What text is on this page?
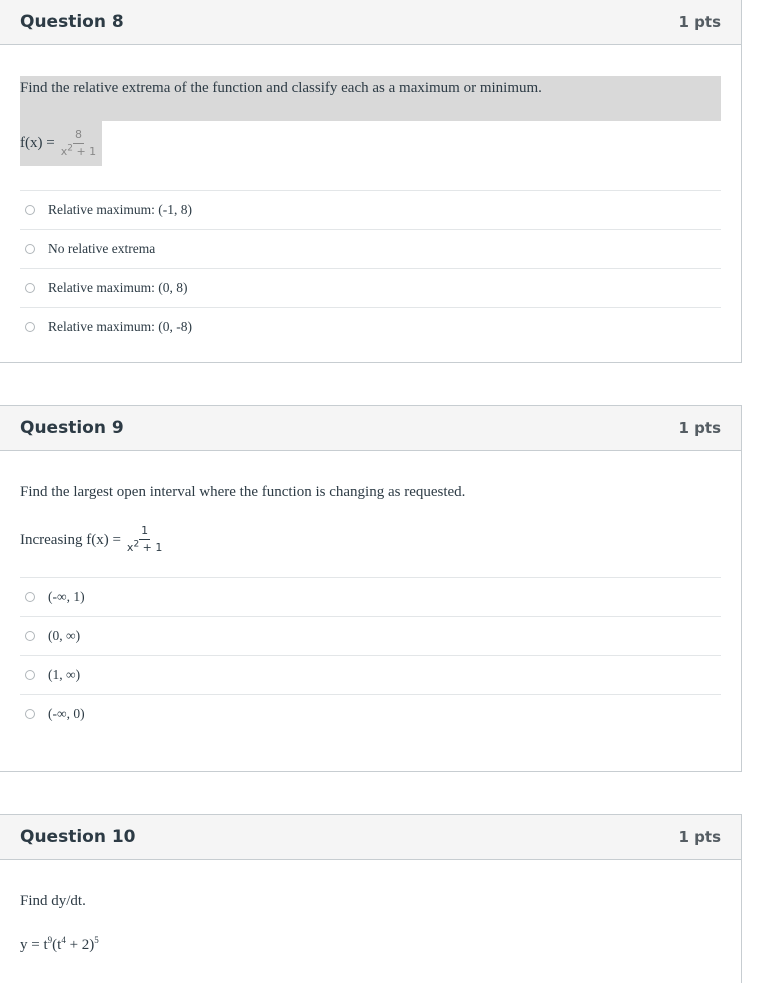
Question 8	1 pts
Find the relative extrema of the function and classify each as a maximum or minimum.
$f(x) = \frac{8}{x^2 + 1}$
Relative maximum: (-1, 8)
No relative extrema
Relative maximum: (0, 8)
Relative maximum: (0, -8)
Question 9	1 pts
Find the largest open interval where the function is changing as requested.
Increasing $f(x) = \frac{1}{x^2 + 1}$
(-∞, 1)
(0, ∞)
(1, ∞)
(-∞, 0)
Question 10	1 pts
Find dy/dt.
$y = t^9(t^4 + 2)^5$
